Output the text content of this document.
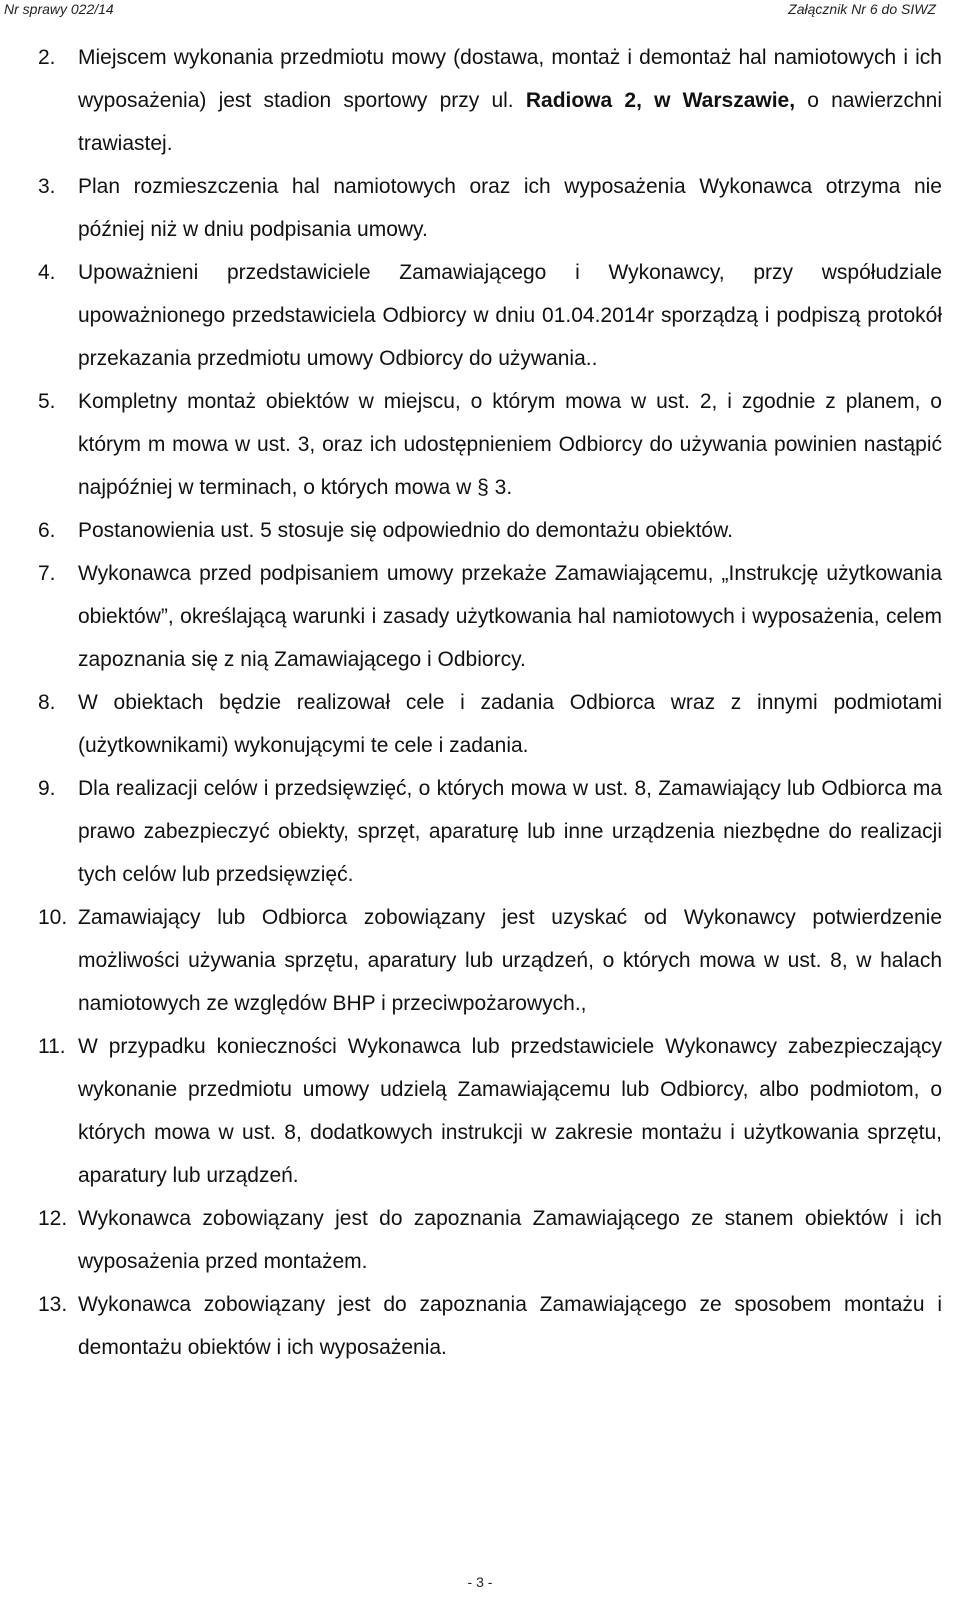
Nr sprawy 022/14	Załącznik Nr 6 do SIWZ
2.	Miejscem wykonania przedmiotu mowy (dostawa, montaż i demontaż hal namiotowych i ich wyposażenia) jest stadion sportowy przy ul. Radiowa 2, w Warszawie, o nawierzchni trawiastej.
3.	Plan rozmieszczenia hal namiotowych oraz ich wyposażenia Wykonawca otrzyma nie później niż w dniu podpisania umowy.
4.	Upoważnieni przedstawiciele Zamawiającego i Wykonawcy, przy współudziale upoważnionego przedstawiciela Odbiorcy w dniu 01.04.2014r sporządzą i podpiszą protokół przekazania przedmiotu umowy Odbiorcy do używania..
5.	Kompletny montaż obiektów w miejscu, o którym mowa w ust. 2, i zgodnie z planem, o którym m mowa w ust. 3, oraz ich udostępnieniem Odbiorcy do używania powinien nastąpić najpóźniej w terminach, o których mowa w § 3.
6.	Postanowienia ust. 5 stosuje się odpowiednio do demontażu obiektów.
7.	Wykonawca przed podpisaniem umowy przekaże Zamawiającemu, „Instrukcję użytkowania obiektów”, określającą warunki i zasady użytkowania hal namiotowych i wyposażenia, celem zapoznania się z nią Zamawiającego i Odbiorcy.
8.	W obiektach będzie realizował cele i zadania Odbiorca wraz z innymi podmiotami (użytkownikami) wykonującymi te cele i zadania.
9.	Dla realizacji celów i przedsięwzięć, o których mowa w ust. 8, Zamawiający lub Odbiorca ma prawo zabezpieczyć obiekty, sprzęt, aparaturę lub inne urządzenia niezbędne do realizacji tych celów lub przedsięwzięć.
10. Zamawiający lub Odbiorca zobowiązany jest uzyskać od Wykonawcy potwierdzenie możliwości używania sprzętu, aparatury lub urządzeń, o których mowa w ust. 8, w halach namiotowych ze względów BHP i przeciwpożarowych.,
11. W przypadku konieczności Wykonawca lub przedstawiciele Wykonawcy zabezpieczający wykonanie przedmiotu umowy udzielą Zamawiającemu lub Odbiorcy, albo podmiotom, o których mowa w ust. 8, dodatkowych instrukcji w zakresie montażu i użytkowania sprzętu, aparatury lub urządzeń.
12. Wykonawca zobowiązany jest do zapoznania Zamawiającego ze stanem obiektów i ich wyposażenia przed montażem.
13. Wykonawca zobowiązany jest do zapoznania Zamawiającego ze sposobem montażu i demontażu obiektów i ich wyposażenia.
- 3 -
